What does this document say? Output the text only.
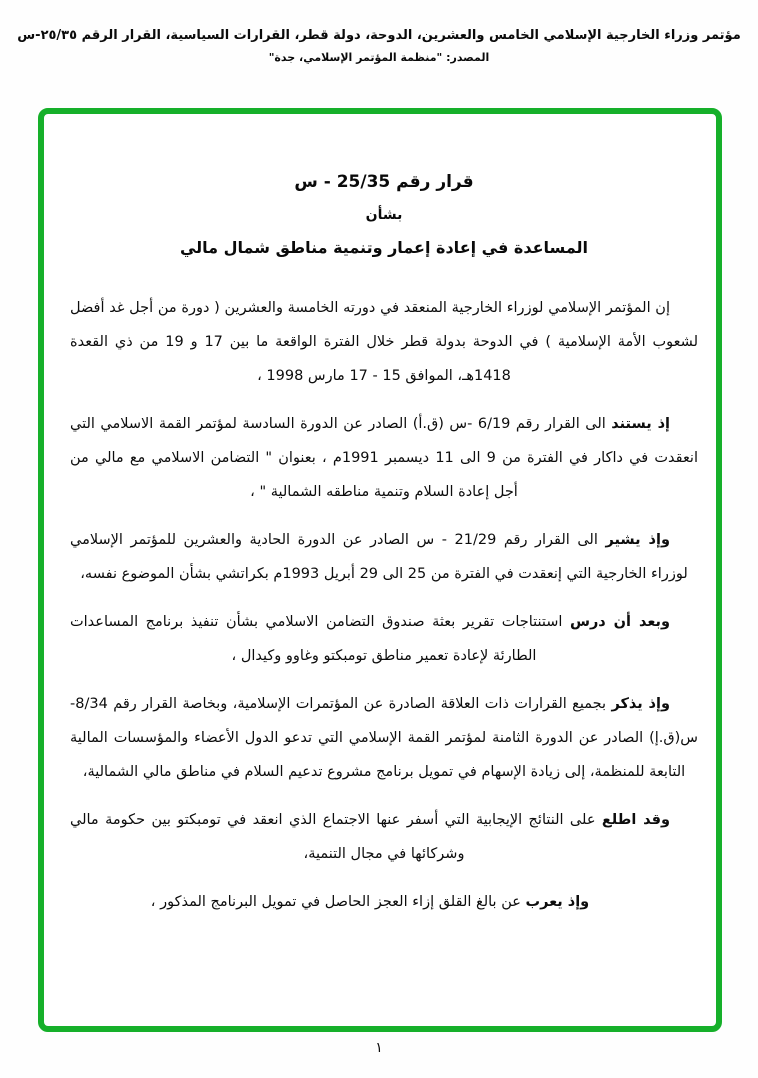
مؤتمر وزراء الخارجية الإسلامي الخامس والعشرين، الدوحة، دولة قطر، القرارات السياسية، القرار الرقم ٢٥/٣٥-س
المصدر: "منظمة المؤتمر الإسلامي، جدة"
قرار رقم 25/35 - س
بشأن
المساعدة في إعادة إعمار وتنمية مناطق شمال مالي

إن المؤتمر الإسلامي لوزراء الخارجية المنعقد في دورته الخامسة والعشرين ( دورة من أجل غد أفضل لشعوب الأمة الإسلامية ) في الدوحة بدولة قطر خلال الفترة الواقعة ما بين 17 و 19 من ذي القعدة 1418هـ، الموافق 15 - 17 مارس 1998 ،

إذ يستند الى القرار رقم 6/19 -س (ق.أ) الصادر عن الدورة السادسة لمؤتمر القمة الاسلامي التي انعقدت في داكار في الفترة من 9 الى 11 ديسمبر 1991م ، بعنوان " التضامن الاسلامي مع مالي من أجل إعادة السلام وتنمية مناطقه الشمالية " ،

وإذ يشير الى القرار رقم 21/29 - س الصادر عن الدورة الحادية والعشرين للمؤتمر الإسلامي لوزراء الخارجية التي إنعقدت في الفترة من 25 الى 29 أبريل 1993م بكراتشي بشأن الموضوع نفسه،

وبعد أن درس استنتاجات تقرير بعثة صندوق التضامن الاسلامي بشأن تنفيذ برنامج المساعدات الطارئة لإعادة تعمير مناطق تومبكتو وغاوو وكيدال ،

وإذ يذكر بجميع القرارات ذات العلاقة الصادرة عن المؤتمرات الإسلامية، وبخاصة القرار رقم 8/34-س(ق.إ) الصادر عن الدورة الثامنة لمؤتمر القمة الإسلامي التي تدعو الدول الأعضاء والمؤسسات المالية التابعة للمنظمة، إلى زيادة الإسهام في تمويل برنامج مشروع تدعيم السلام في مناطق مالي الشمالية،

وقد اطلع على النتائج الإيجابية التي أسفر عنها الاجتماع الذي انعقد في تومبكتو بين حكومة مالي وشركائها في مجال التنمية،

وإذ يعرب عن بالغ القلق إزاء العجز الحاصل في تمويل البرنامج المذكور ،

١
